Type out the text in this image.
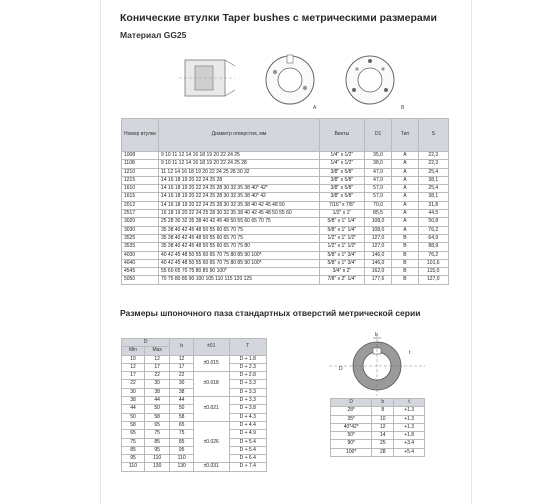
Конические втулки Taper bushes с метрическими размерами
Материал GG25
A	B
Номер втулки	Диаметр отверстия, мм	Винты	D1	Тип	S
1008	9 10 11 12 14 16 18 19 20 22 24 25	1/4" x 1/2"	35,0	A	22,3
1108	9 10 11 12 14 16 18 19 20 22 24 25 28	1/4" x 1/2"	38,0	A	22,3
1210	11 12 14 16 18 19 20 22 24 25 28 30 32	3/8" x 5/8"	47,0	A	25,4
1215	14 16 18 19 20 22 24 25 28	3/8" x 5/8"	47,0	A	38,1
1610	14 16 18 19 20 22 24 25 28 30 32 35 38 40* 42*	3/8" x 5/8"	57,0	A	25,4
1615	14 16 18 19 20 22 24 25 28 30 32 35 38 40* 42	3/8" x 5/8"	57,0	A	38,1
2012	14 16 18 19 20 22 24 25 28 30 32 35 38 40 42 45 48 50	7/16" x 7/8"	70,0	A	31,8
2517	16 18 19 20 22 24 25 28 30 32 35 38 40 42 45 48 50 55 60	1/2" x 1"	85,5	A	44,5
3020	25 28 30 32 35 38 40 42 45 48 50 55 60 65 70 75	5/8" x 1" 1/4"	108,0	A	50,8
3030	35 38 40 42 45 48 50 55 60 65 70 75	5/8" x 1" 1/4"	108,0	A	76,2
3525	35 38 40 42 45 48 50 55 60 65 70 75	1/2" x 1" 1/2"	127,0	B	64,9
3535	35 38 40 42 45 48 50 55 60 65 70 75 80	1/2" x 1" 1/2"	127,0	B	88,9
4030	40 42 45 48 50 55 60 65 70 75 80 85 90 100*	5/8" x 1" 3/4"	146,0	B	76,2
4040	40 42 45 48 50 55 60 65 70 75 80 85 90 100*	5/8" x 1" 3/4"	146,0	B	101,6
4545	55 60 65 70 75 80 85 90 100*	3/4" x 2"	162,0	B	115,0
5050	70 75 80 85 90 100 105 110 115 120 125	7/8" x 2" 1/4"	177,6	B	127,0
Размеры шпоночного паза стандартных отверстий метрической серии
D		b	±01	T
Min	Max			
10	12	12	±0.015	D + 1.8
12	17	17		D + 2.3
17	22	22	±0.018	D + 2.8
22	30	30		D + 3.3
30	38	38		D + 3.3
38	44	44	±0.021	D + 3.3
44	50	50		D + 3.8
50	58	58		D + 4.3
58	65	65	±0.026	D + 4.4
65	75	75		D + 4.9
75	85	85		D + 5.4
85	95	95		D + 5.4
95	110	110		D + 6.4
110	130	130	±0.031	D + 7.4
b
D
t
D	b	t
28*	8	+1.3
35*	10	+1.3
40*42*	12	+1.3
50*	14	+1.8
90*	25	+3.4
100*	28	+5.4
